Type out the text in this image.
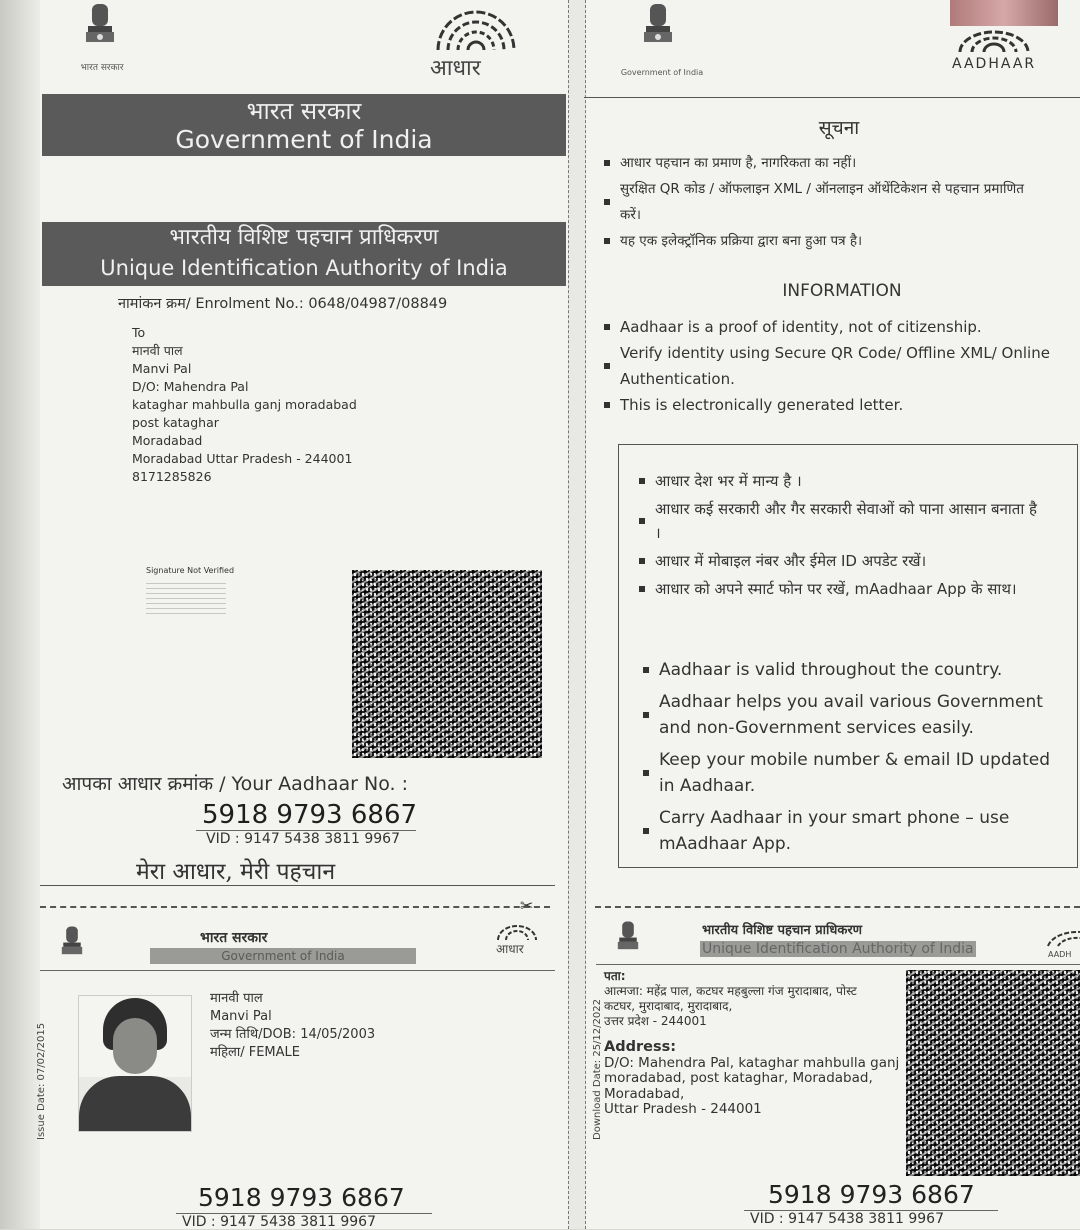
भारत सरकार	आधार
भारत सरकार
Government of India
भारतीय विशिष्ट पहचान प्राधिकरण
Unique Identification Authority of India
नामांकन क्रम/ Enrolment No.: 0648/04987/08849
To
मानवी पाल
Manvi Pal
D/O: Mahendra Pal
kataghar mahbulla ganj moradabad
post kataghar
Moradabad
Moradabad Uttar Pradesh - 244001
8171285826
Signature Not Verified
आपका आधार क्रमांक / Your Aadhaar No. :
5918 9793 6867
VID : 9147 5438 3811 9967
मेरा आधार, मेरी पहचान
✂
Government of India
AADHAAR
सूचना
आधार पहचान का प्रमाण है, नागरिकता का नहीं।
सुरक्षित QR कोड / ऑफलाइन XML / ऑनलाइन ऑथेंटिकेशन से पहचान प्रमाणित करें।
यह एक इलेक्ट्रॉनिक प्रक्रिया द्वारा बना हुआ पत्र है।
INFORMATION
Aadhaar is a proof of identity, not of citizenship.
Verify identity using Secure QR Code/ Offline XML/ Online Authentication.
This is electronically generated letter.
आधार देश भर में मान्य है ।
आधार कई सरकारी और गैर सरकारी सेवाओं को पाना आसान बनाता है ।
आधार में मोबाइल नंबर और ईमेल ID अपडेट रखें।
आधार को अपने स्मार्ट फोन पर रखें, mAadhaar App के साथ।
Aadhaar is valid throughout the country.
Aadhaar helps you avail various Government and non-Government services easily.
Keep your mobile number & email ID updated in Aadhaar.
Carry Aadhaar in your smart phone – use mAadhaar App.
भारत सरकार
Government of India	आधार
Issue Date: 07/02/2015
मानवी पाल
Manvi Pal
जन्म तिथि/DOB: 14/05/2003
महिला/ FEMALE
5918 9793 6867
VID : 9147 5438 3811 9967
भारतीय विशिष्ट पहचान प्राधिकरण
Unique Identification Authority of India	AADH
Download Date: 25/12/2022
पता:
आत्मजा: महेंद्र पाल, कटघर महबुल्ला गंज मुरादाबाद, पोस्ट
कटघर, मुरादाबाद, मुरादाबाद,
उत्तर प्रदेश - 244001
Address:
D/O: Mahendra Pal, kataghar mahbulla ganj
moradabad, post kataghar, Moradabad,
Moradabad,
Uttar Pradesh - 244001
5918 9793 6867
VID : 9147 5438 3811 9967
